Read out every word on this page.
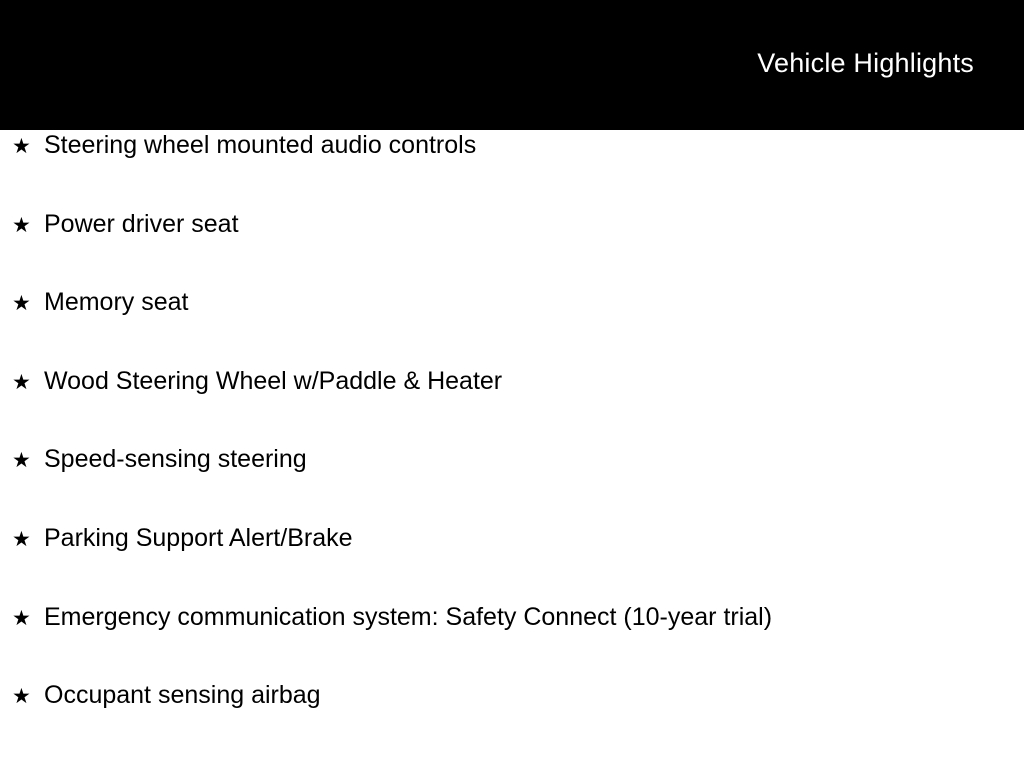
Vehicle Highlights
★ Steering wheel mounted audio controls
★ Power driver seat
★ Memory seat
★ Wood Steering Wheel w/Paddle & Heater
★ Speed-sensing steering
★ Parking Support Alert/Brake
★ Emergency communication system: Safety Connect (10-year trial)
★ Occupant sensing airbag
